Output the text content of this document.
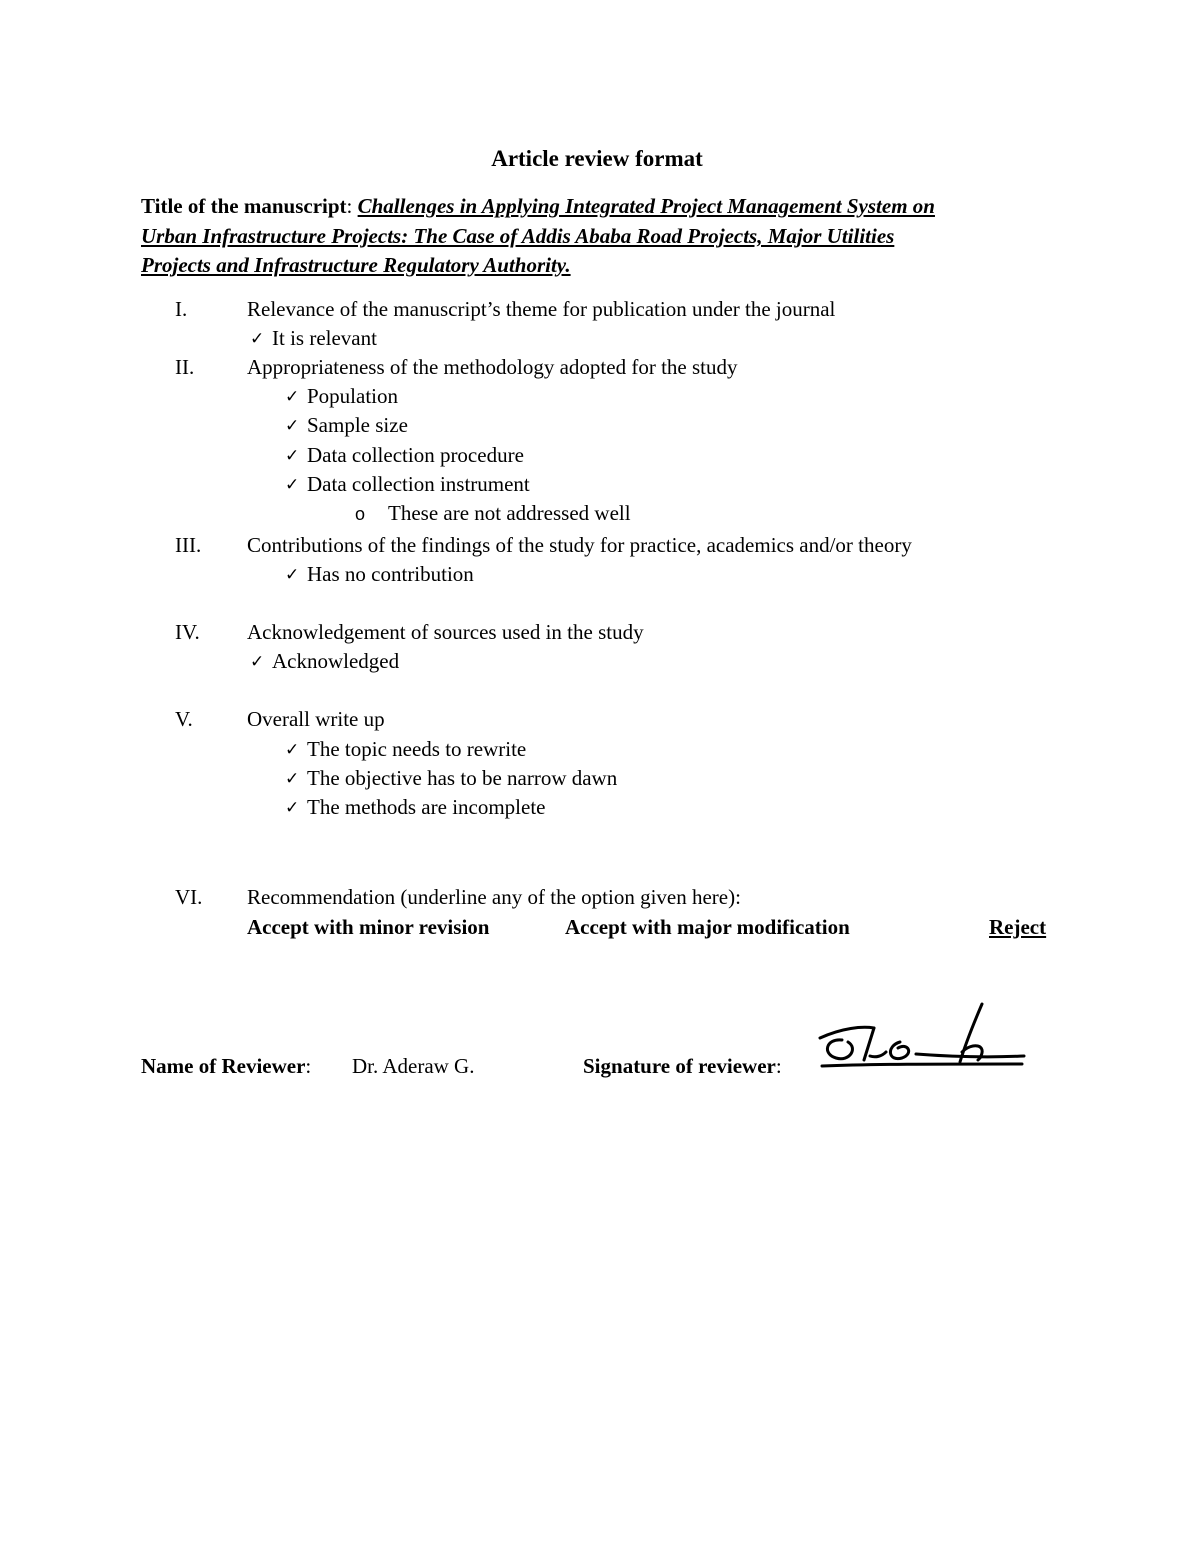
Article review format
Title of the manuscript: Challenges in Applying Integrated Project Management System on
Urban Infrastructure Projects: The Case of Addis Ababa Road Projects, Major Utilities
Projects and Infrastructure Regulatory Authority.
I.	Relevance of the manuscript’s theme for publication under the journal
✓ It is relevant
II.	Appropriateness of the methodology adopted for the study
✓ Population
✓ Sample size
✓ Data collection procedure
✓ Data collection instrument
o These are not addressed well
III. Contributions of the findings of the study for practice, academics and/or theory
✓ Has no contribution
IV. Acknowledgement of sources used in the study
✓ Acknowledged
V.	Overall write up
✓ The topic needs to rewrite
✓ The objective has to be narrow dawn
✓ The methods are incomplete
VI. Recommendation (underline any of the option given here):
Accept with minor revision	Accept with major modification	Reject
Name of Reviewer: Dr. Aderaw G.	Signature of reviewer:
